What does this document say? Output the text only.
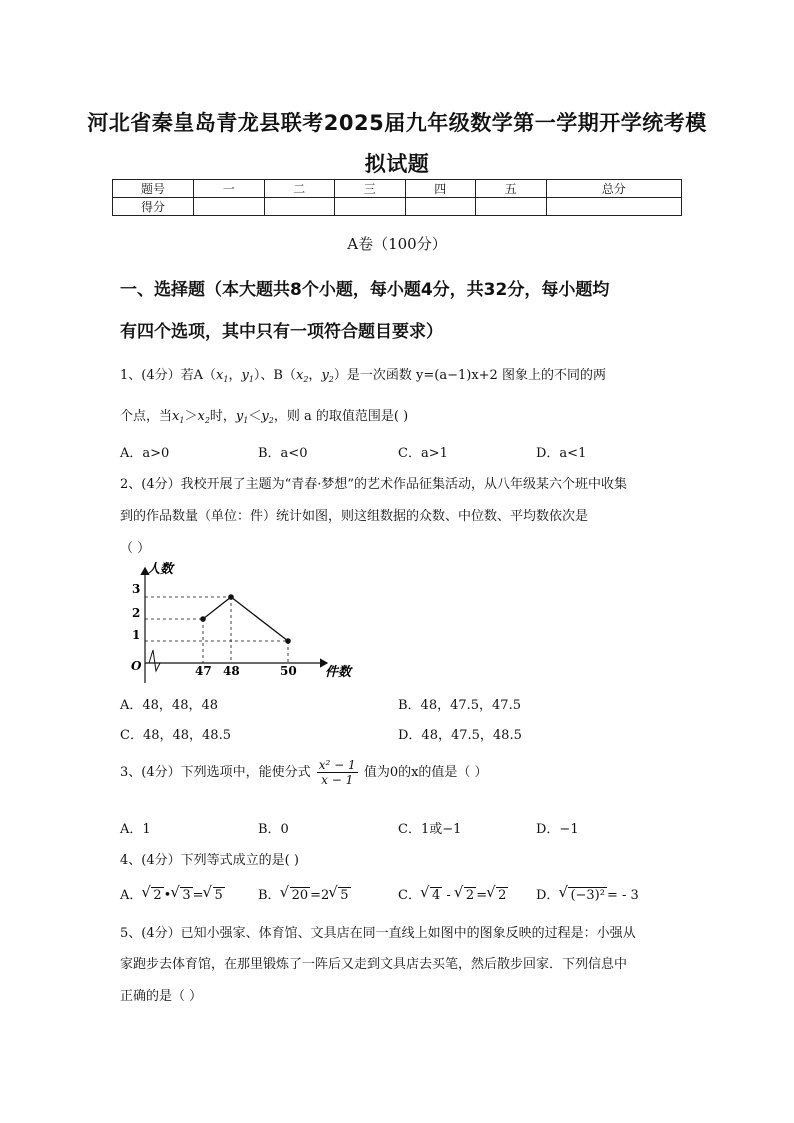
河北省秦皇岛青龙县联考2025届九年级数学第一学期开学统考模
拟试题
题号	一	二	三	四	五	总分
得分						
A卷（100分）
一、选择题（本大题共8个小题，每小题4分，共32分，每小题均
有四个选项，其中只有一项符合题目要求）
1、(4分）若$A(x_1$，$y_1$）、$B(x_2$，$y_2$）是一次函数 y=(a−1)x+2 图象上的不同的两
个点，当$x_1>x_2$时，$y_1<y_2$，则 a 的取值范围是( )
A．a>0	B．a<0	C．a>1	D．a<1
2、(4分）我校开展了主题为“青春·梦想”的艺术作品征集活动，从八年级某六个班中收集
到的作品数量（单位：件）统计如图，则这组数据的众数、中位数、平均数依次是
（ ）
人数
件数
O
3
2
1
47 48	50
A．48，48，48	B．48，47.5，47.5
C．48，48，48.5	D．48，47.5，48.5
3、(4分）下列选项中，能使分式 $\frac{\text{x² − 1}}{x - 1}$ 值为0的x的值是（ ）
A．1	B．0	C．1或−1	D．−1
4、(4分）下列等式成立的是( )
A． √ 2 • √ 3 = √ 5	B． √ 20 =2 √ 5	C． √ 4 - √ 2 = √ 2 D． √ (−3)² = - 3
5、(4分）已知小强家、体育馆、文具店在同一直线上如图中的图象反映的过程是：小强从
家跑步去体育馆，在那里锻炼了一阵后又走到文具店去买笔，然后散步回家．下列信息中
正确的是（ ）
